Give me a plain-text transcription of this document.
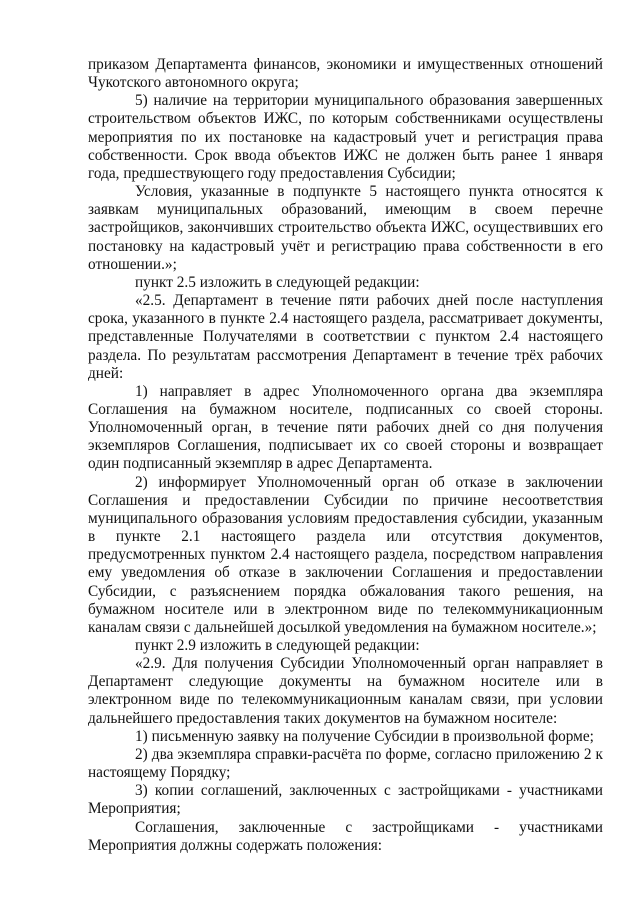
приказом Департамента финансов, экономики и имущественных отношений Чукотского автономного округа;

5) наличие на территории муниципального образования завершенных строительством объектов ИЖС, по которым собственниками осуществлены мероприятия по их постановке на кадастровый учет и регистрация права собственности. Срок ввода объектов ИЖС не должен быть ранее 1 января года, предшествующего году предоставления Субсидии;

Условия, указанные в подпункте 5 настоящего пункта относятся к заявкам муниципальных образований, имеющим в своем перечне застройщиков, закончивших строительство объекта ИЖС, осуществивших его постановку на кадастровый учёт и регистрацию права собственности в его отношении.»;

пункт 2.5 изложить в следующей редакции:

«2.5. Департамент в течение пяти рабочих дней после наступления срока, указанного в пункте 2.4 настоящего раздела, рассматривает документы, представленные Получателями в соответствии с пунктом 2.4 настоящего раздела. По результатам рассмотрения Департамент в течение трёх рабочих дней:

1) направляет в адрес Уполномоченного органа два экземпляра Соглашения на бумажном носителе, подписанных со своей стороны. Уполномоченный орган, в течение пяти рабочих дней со дня получения экземпляров Соглашения, подписывает их со своей стороны и возвращает один подписанный экземпляр в адрес Департамента.

2) информирует Уполномоченный орган об отказе в заключении Соглашения и предоставлении Субсидии по причине несоответствия муниципального образования условиям предоставления субсидии, указанным в пункте 2.1 настоящего раздела или отсутствия документов, предусмотренных пунктом 2.4 настоящего раздела, посредством направления ему уведомления об отказе в заключении Соглашения и предоставлении Субсидии, с разъяснением порядка обжалования такого решения, на бумажном носителе или в электронном виде по телекоммуникационным каналам связи с дальнейшей досылкой уведомления на бумажном носителе.»;

пункт 2.9 изложить в следующей редакции:

«2.9. Для получения Субсидии Уполномоченный орган направляет в Департамент следующие документы на бумажном носителе или в электронном виде по телекоммуникационным каналам связи, при условии дальнейшего предоставления таких документов на бумажном носителе:

1) письменную заявку на получение Субсидии в произвольной форме;

2) два экземпляра справки-расчёта по форме, согласно приложению 2 к настоящему Порядку;

3) копии соглашений, заключенных с застройщиками - участниками Мероприятия;

Соглашения, заключенные с застройщиками - участниками Мероприятия должны содержать положения:
